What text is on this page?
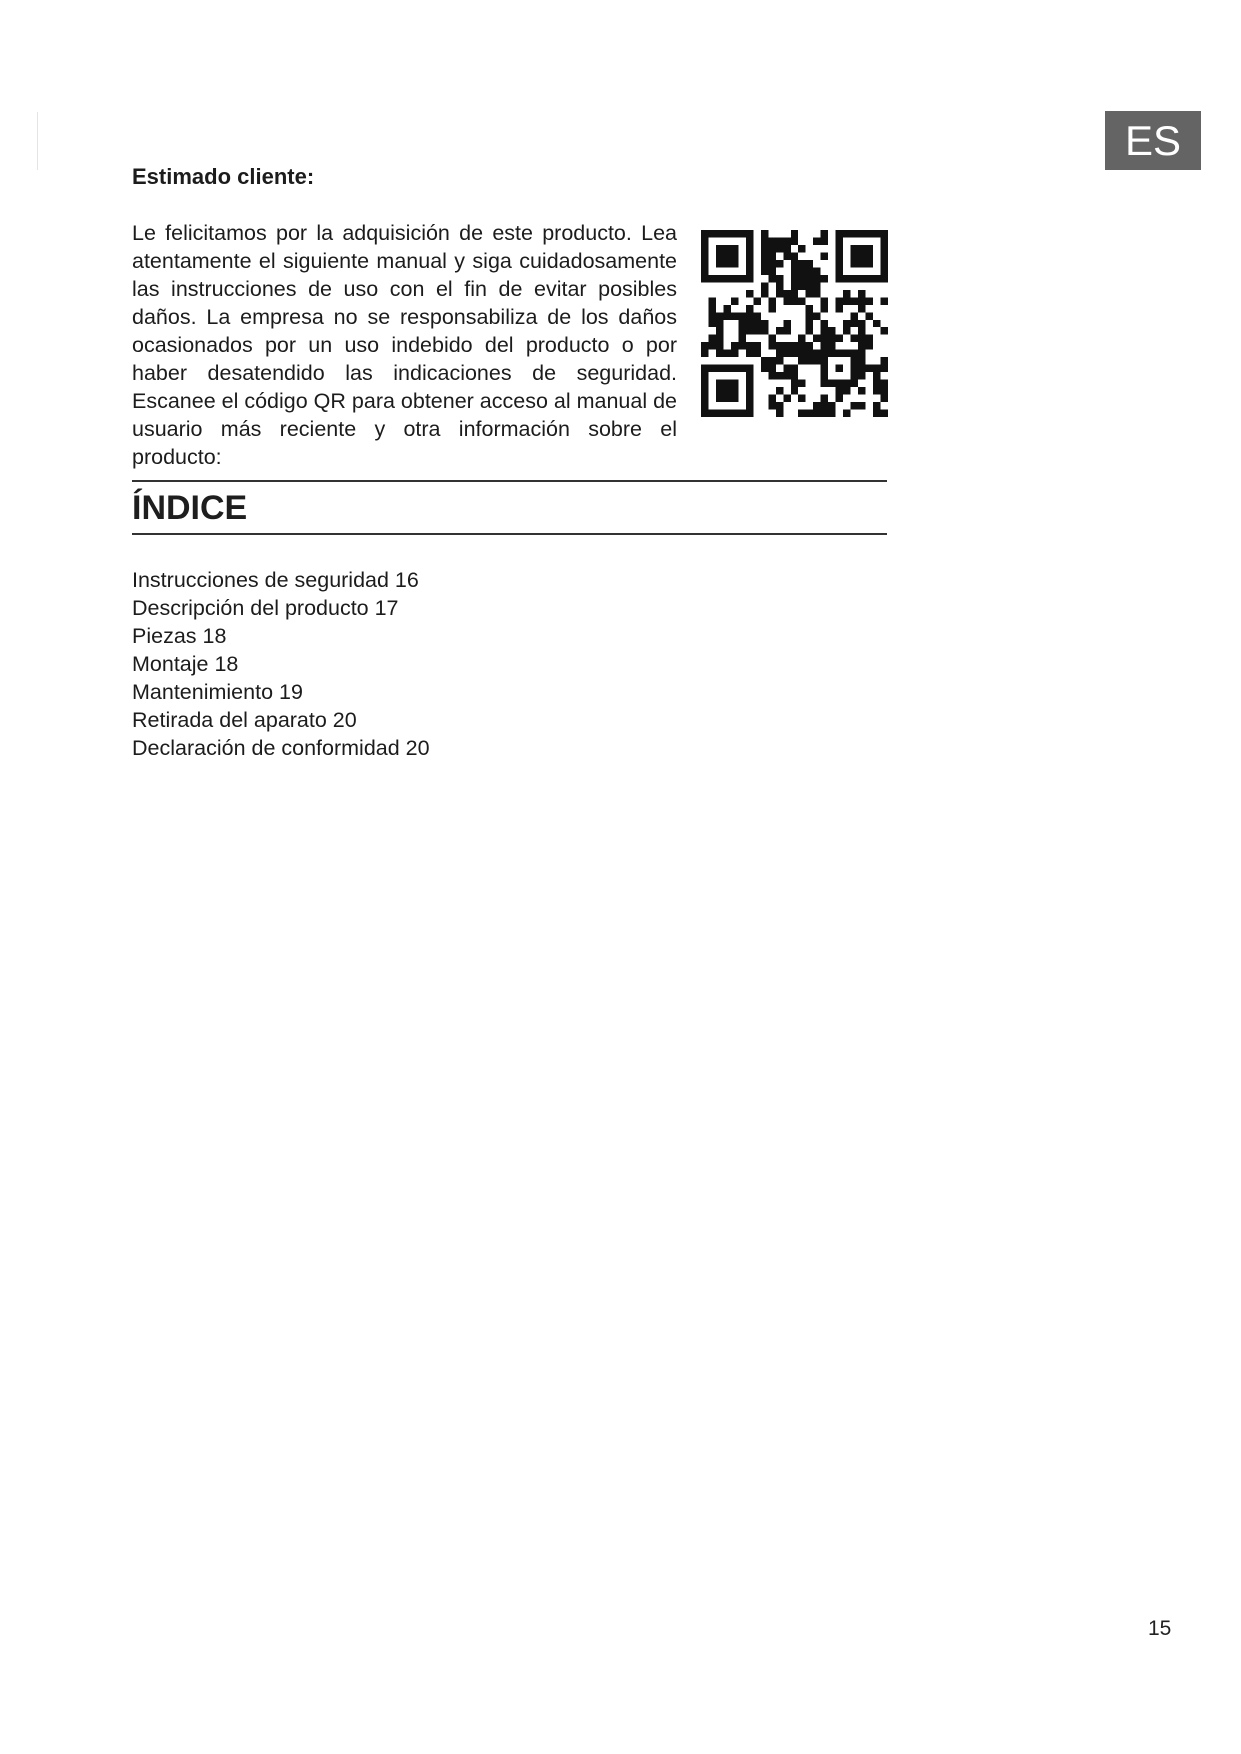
ES
Estimado cliente:

Le felicitamos por la adquisición de este producto. Lea atentamente el siguiente manual y siga cuidadosamente las instrucciones de uso con el fin de evitar posibles daños. La empresa no se responsabiliza de los daños ocasionados por un uso indebido del producto o por haber desatendido las indicaciones de seguridad. Escanee el código QR para obtener acceso al manual de usuario más reciente y otra información sobre el producto:

ÍNDICE
Instrucciones de seguridad 16
Descripción del producto 17
Piezas 18
Montaje 18
Mantenimiento 19
Retirada del aparato 20
Declaración de conformidad 20
15
